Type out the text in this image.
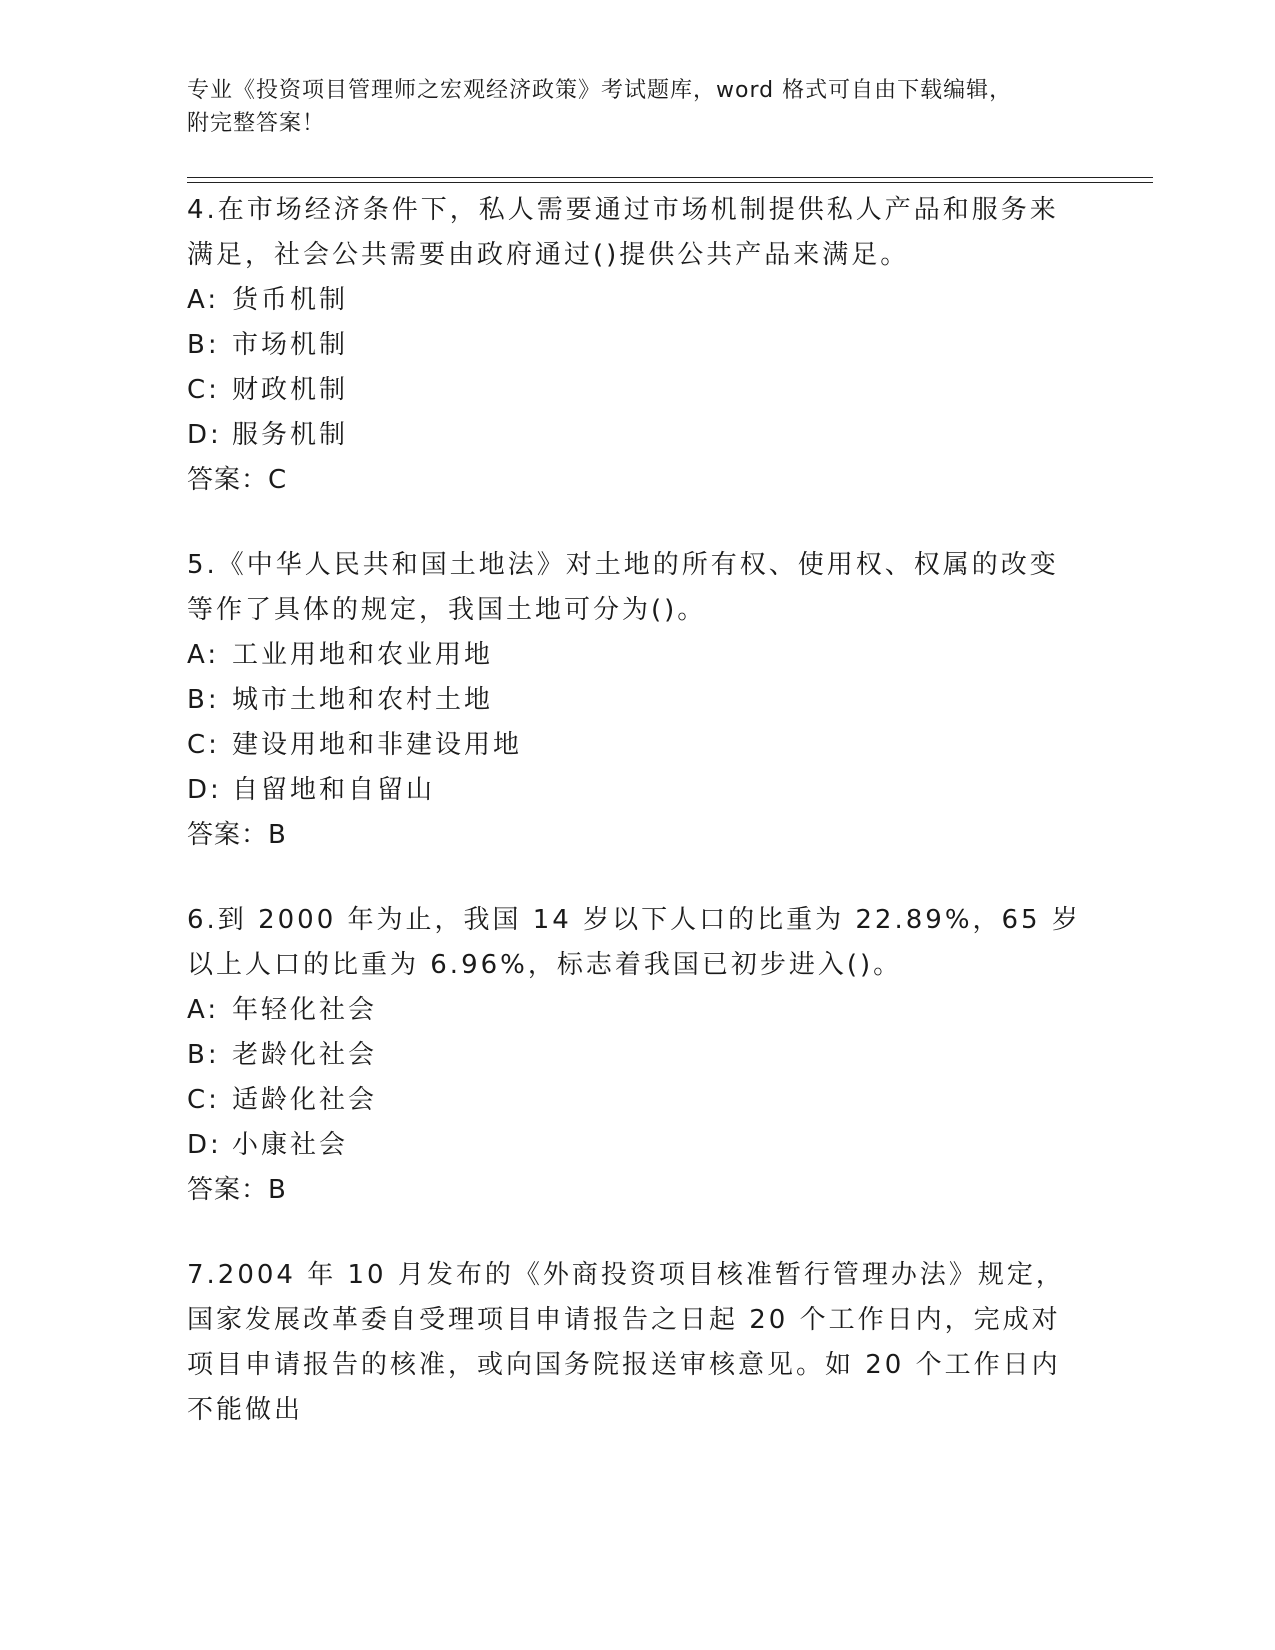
专业《投资项目管理师之宏观经济政策》考试题库，word 格式可自由下载编辑，
附完整答案！

4.在市场经济条件下，私人需要通过市场机制提供私人产品和服务来满足，社会公共需要由政府通过()提供公共产品来满足。

A: 货币机制
B: 市场机制
C: 财政机制
D: 服务机制
答案：C

5.《中华人民共和国土地法》对土地的所有权、使用权、权属的改变等作了具体的规定，我国土地可分为()。

A: 工业用地和农业用地
B: 城市土地和农村土地
C: 建设用地和非建设用地
D: 自留地和自留山
答案：B

6.到 2000 年为止，我国 14 岁以下人口的比重为 22.89%，65 岁以上人口的比重为 6.96%，标志着我国已初步进入()。

A: 年轻化社会
B: 老龄化社会
C: 适龄化社会
D: 小康社会
答案：B

7.2004 年 10 月发布的《外商投资项目核准暂行管理办法》规定，国家发展改革委自受理项目申请报告之日起 20 个工作日内，完成对项目申请报告的核准，或向国务院报送审核意见。如 20 个工作日内不能做出
